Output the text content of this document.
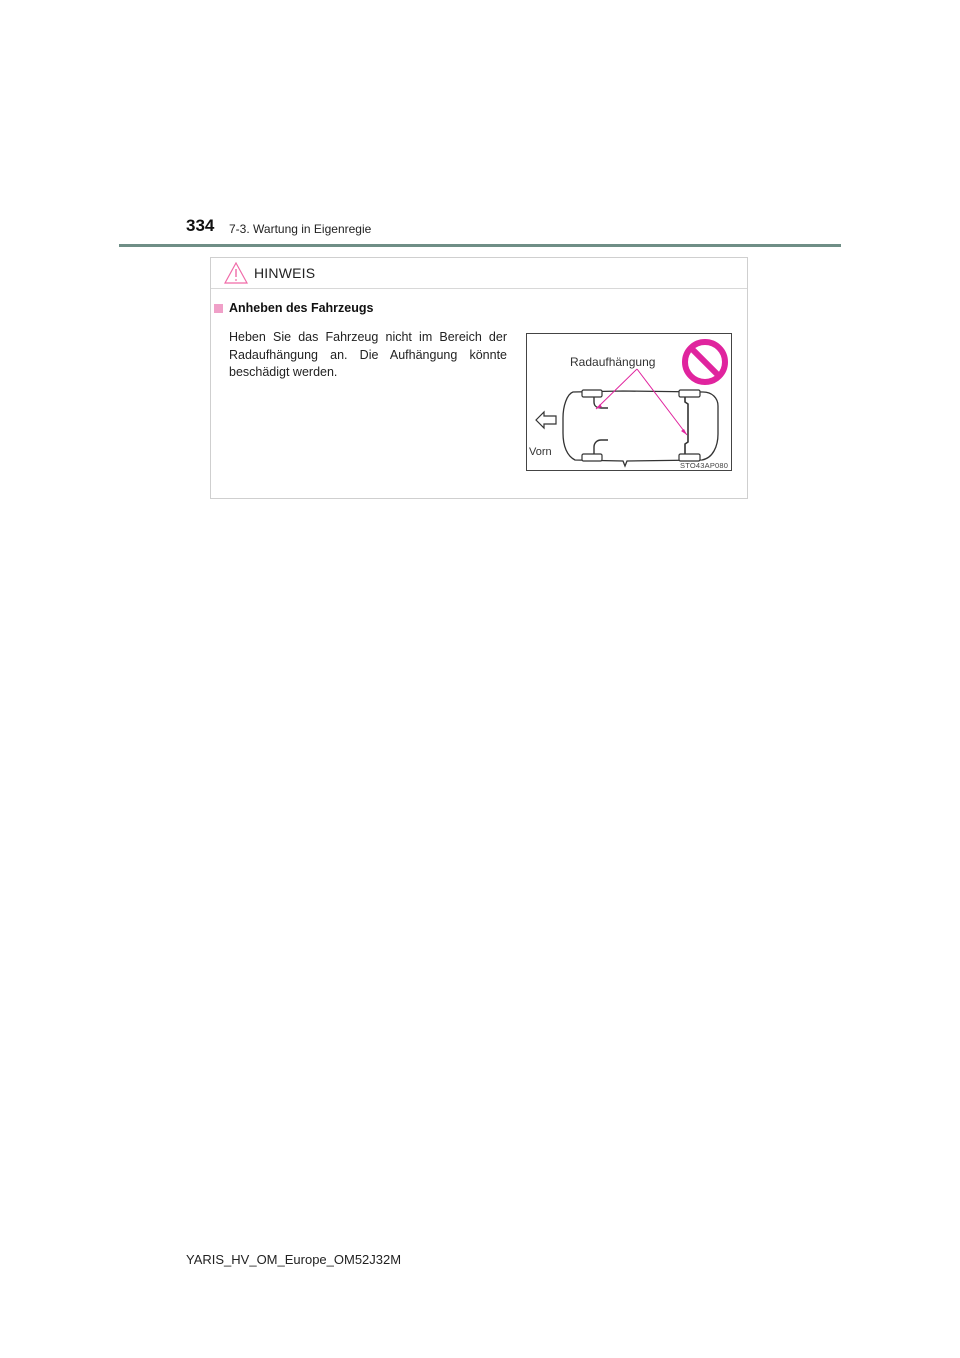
334 7-3. Wartung in Eigenregie
HINWEIS
Anheben des Fahrzeugs
Heben Sie das Fahrzeug nicht im Bereich der Radaufhängung an. Die Aufhängung könnte beschädigt werden.
Radaufhängung
Vorn
STO43AP080
YARIS_HV_OM_Europe_OM52J32M
